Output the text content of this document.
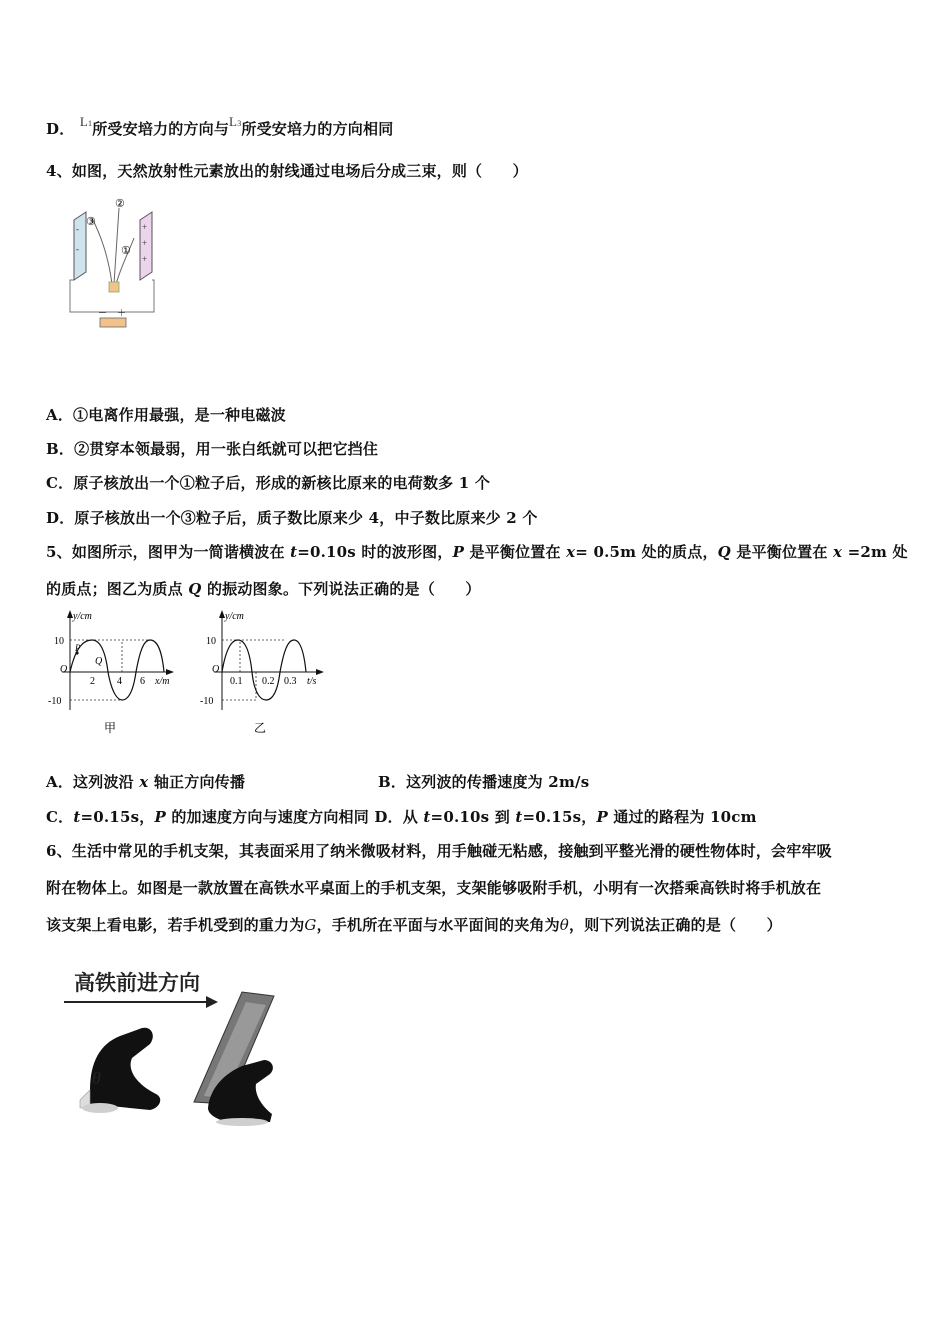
D． L1所受安培力的方向与L3所受安培力的方向相同
4、如图，天然放射性元素放出的射线通过电场后分成三束，则（　　）
-
-
+
+
+
③
②
①
－ ＋
A．①电离作用最强，是一种电磁波
B．②贯穿本领最弱，用一张白纸就可以把它挡住
C．原子核放出一个①粒子后，形成的新核比原来的电荷数多 1 个
D．原子核放出一个③粒子后，质子数比原来少 4，中子数比原来少 2 个
5、如图所示，图甲为一简谐横波在 t=0.10s 时的波形图，P 是平衡位置在 x= 0.5m 处的质点，Q 是平衡位置在 x =2m 处
的质点；图乙为质点 Q 的振动图象。下列说法正确的是（　　）
y/cm
10
-10
O
2 4 6 x/m
P
Q
甲
y/cm
10
-10
O
0.1 0.2 0.3 t/s
乙
A．这列波沿 x 轴正方向传播	B．这列波的传播速度为 2m/s
C．t=0.15s，P 的加速度方向与速度方向相同 D．从 t=0.10s 到 t=0.15s，P 通过的路程为 10cm
6、生活中常见的手机支架，其表面采用了纳米微吸材料，用手触碰无粘感，接触到平整光滑的硬性物体时，会牢牢吸
附在物体上。如图是一款放置在高铁水平桌面上的手机支架，支架能够吸附手机，小明有一次搭乘高铁时将手机放在
该支架上看电影，若手机受到的重力为G，手机所在平面与水平面间的夹角为θ，则下列说法正确的是（　　）
高铁前进方向
θ
